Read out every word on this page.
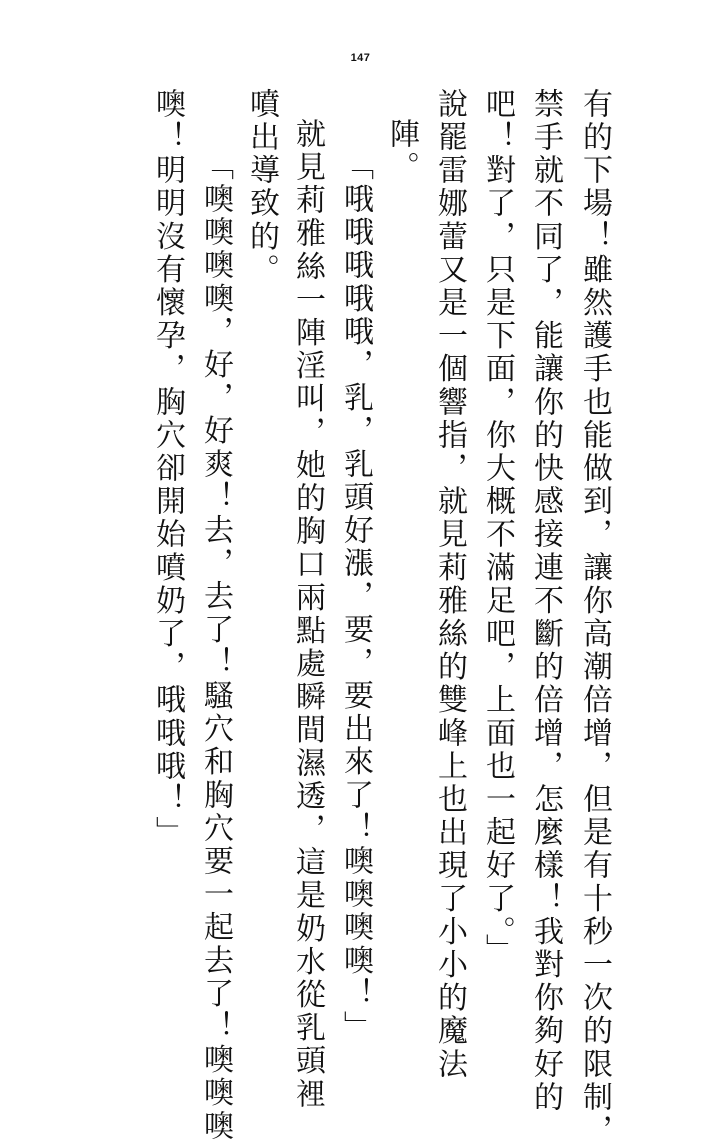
147
有的下場！雖然護手也能做到，讓你高潮倍增，但是有十秒一次的限制，
禁手就不同了，能讓你的快感接連不斷的倍增，怎麼樣！我對你夠好的
吧！對了，只是下面，你大概不滿足吧，上面也一起好了。」
說罷雷娜蕾又是一個響指，就見莉雅絲的雙峰上也出現了小小的魔法
陣。
「哦哦哦哦哦，乳，乳頭好漲，要，要出來了！噢噢噢噢！」
就見莉雅絲一陣淫叫，她的胸口兩點處瞬間濕透，這是奶水從乳頭裡
噴出導致的。
「噢噢噢噢，好，好爽！去，去了！騷穴和胸穴要一起去了！噢噢噢
噢！明明沒有懷孕，胸穴卻開始噴奶了，哦哦哦！」
